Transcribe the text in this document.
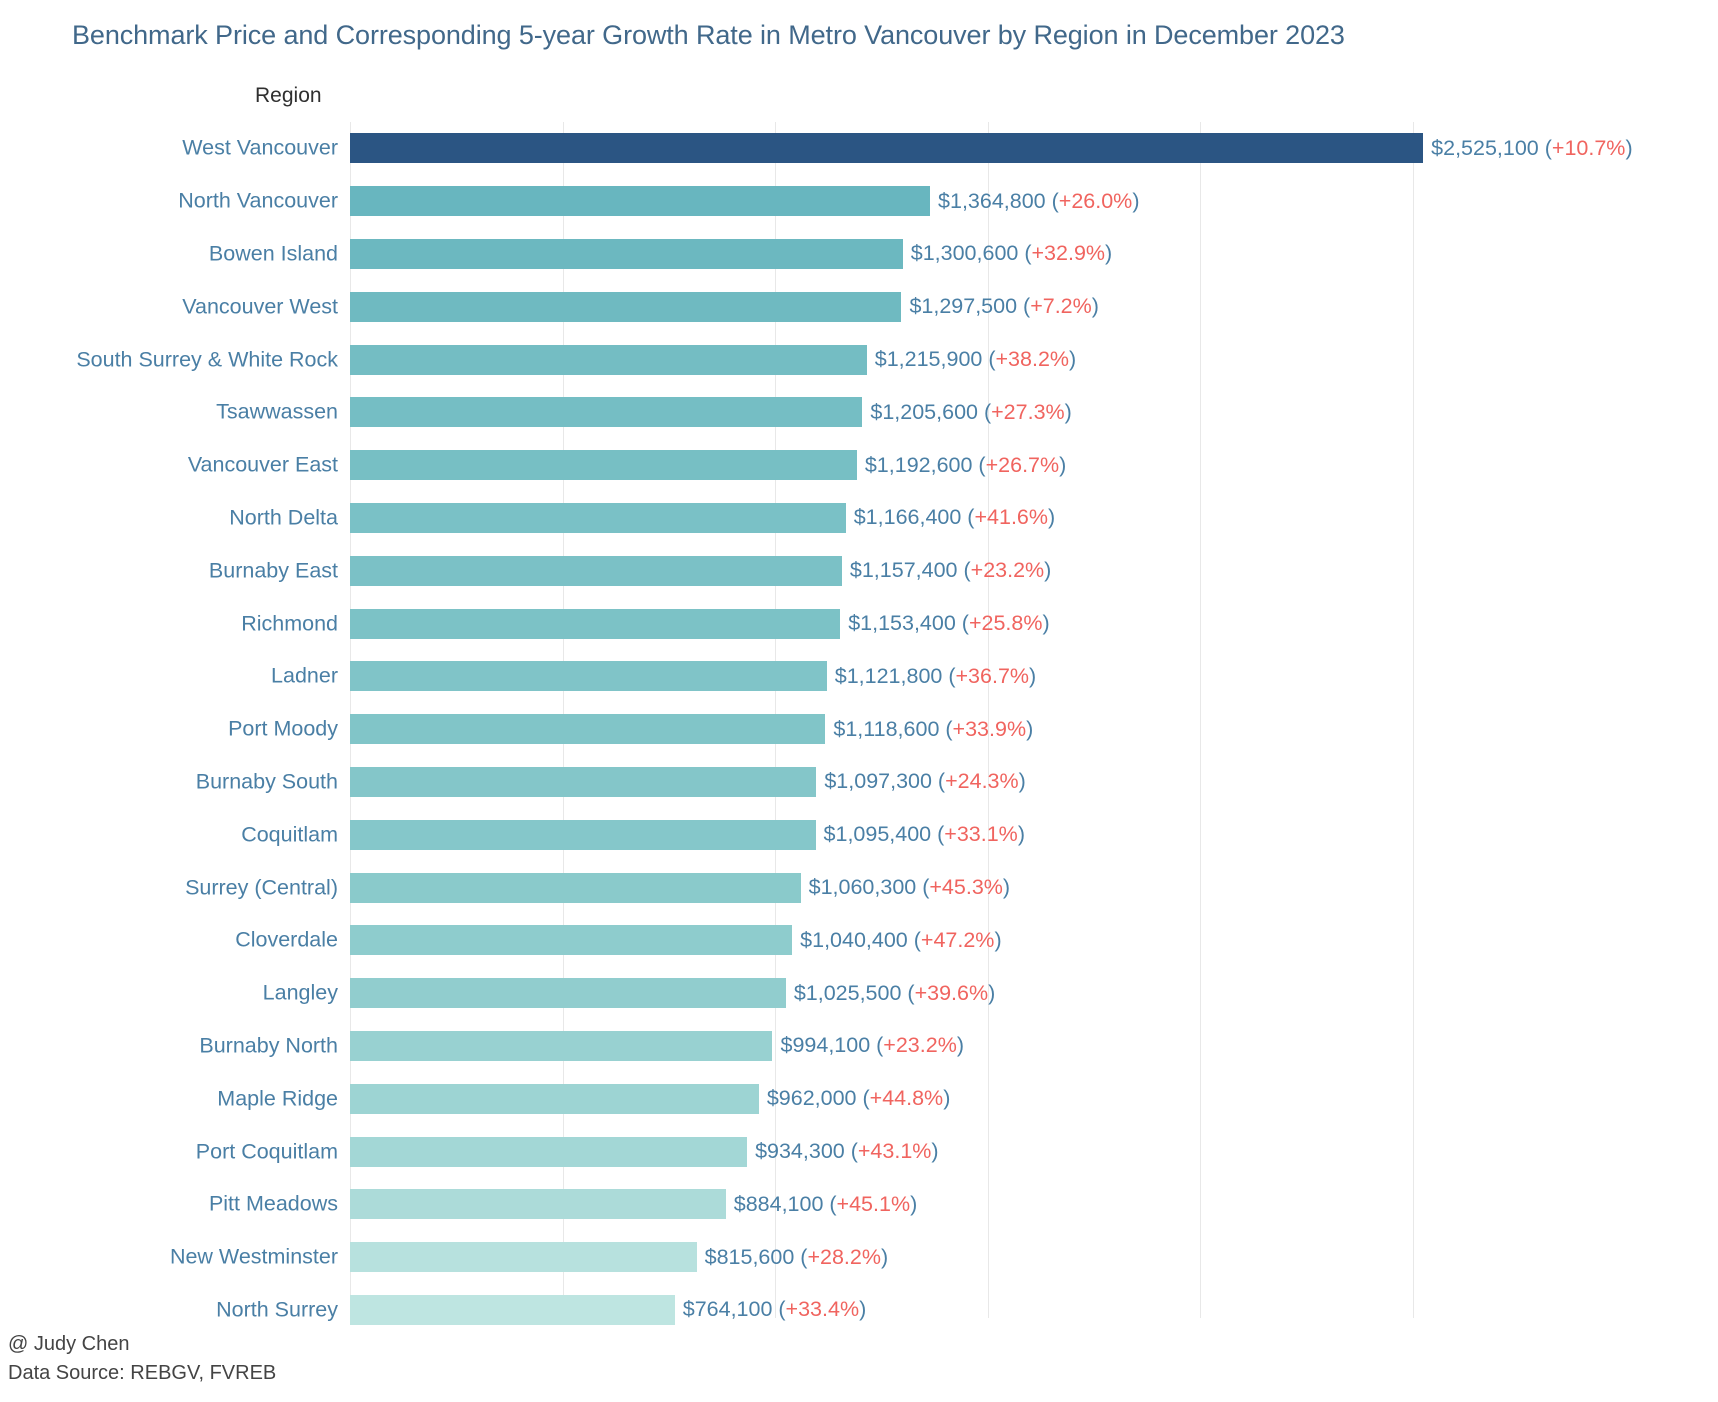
Benchmark Price and Corresponding 5-year Growth Rate in Metro Vancouver by Region in December 2023
Region
West Vancouver	$2,525,100 (+10.7%)
North Vancouver	$1,364,800 (+26.0%)
Bowen Island	$1,300,600 (+32.9%)
Vancouver West	$1,297,500 (+7.2%)
South Surrey & White Rock	$1,215,900 (+38.2%)
Tsawwassen	$1,205,600 (+27.3%)
Vancouver East	$1,192,600 (+26.7%)
North Delta	$1,166,400 (+41.6%)
Burnaby East	$1,157,400 (+23.2%)
Richmond	$1,153,400 (+25.8%)
Ladner	$1,121,800 (+36.7%)
Port Moody	$1,118,600 (+33.9%)
Burnaby South	$1,097,300 (+24.3%)
Coquitlam	$1,095,400 (+33.1%)
Surrey (Central)	$1,060,300 (+45.3%)
Cloverdale	$1,040,400 (+47.2%)
Langley	$1,025,500 (+39.6%)
Burnaby North	$994,100 (+23.2%)
Maple Ridge	$962,000 (+44.8%)
Port Coquitlam	$934,300 (+43.1%)
Pitt Meadows	$884,100 (+45.1%)
New Westminster	$815,600 (+28.2%)
North Surrey	$764,100 (+33.4%)
@ Judy Chen
Data Source: REBGV, FVREB
